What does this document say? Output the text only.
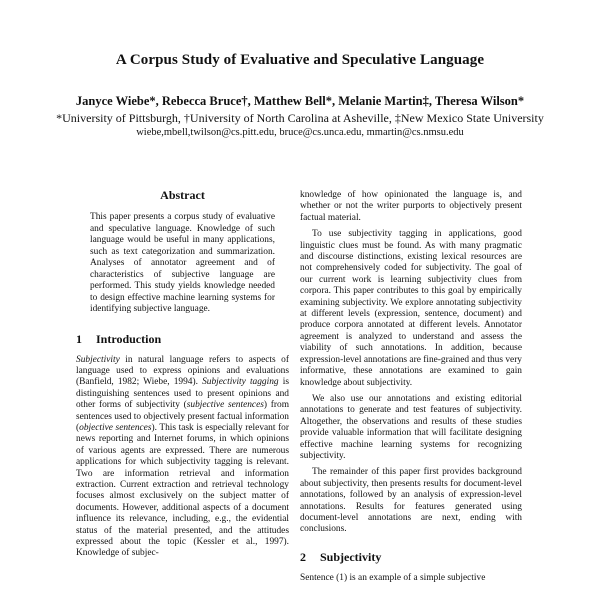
A Corpus Study of Evaluative and Speculative Language
Janyce Wiebe*, Rebecca Bruce†, Matthew Bell*, Melanie Martin‡, Theresa Wilson*
*University of Pittsburgh, †University of North Carolina at Asheville, ‡New Mexico State University
wiebe,mbell,twilson@cs.pitt.edu, bruce@cs.unca.edu, mmartin@cs.nmsu.edu
Abstract

This paper presents a corpus study of evaluative and speculative language. Knowledge of such language would be useful in many applications, such as text categorization and summarization. Analyses of annotator agreement and of characteristics of subjective language are performed. This study yields knowledge needed to design effective machine learning systems for identifying subjective language.

1 Introduction

Subjectivity in natural language refers to aspects of language used to express opinions and evaluations (Banfield, 1982; Wiebe, 1994). Subjectivity tagging is distinguishing sentences used to present opinions and other forms of subjectivity (subjective sentences) from sentences used to objectively present factual information (objective sentences). This task is especially relevant for news reporting and Internet forums, in which opinions of various agents are expressed. There are numerous applications for which subjectivity tagging is relevant. Two are information retrieval and information extraction. Current extraction and retrieval technology focuses almost exclusively on the subject matter of documents. However, additional aspects of a document influence its relevance, including, e.g., the evidential status of the material presented, and the attitudes expressed about the topic (Kessler et al., 1997). Knowledge of subjec-

knowledge of how opinionated the language is, and whether or not the writer purports to objectively present factual material.

To use subjectivity tagging in applications, good linguistic clues must be found. As with many pragmatic and discourse distinctions, existing lexical resources are not comprehensively coded for subjectivity. The goal of our current work is learning subjectivity clues from corpora. This paper contributes to this goal by empirically examining subjectivity. We explore annotating subjectivity at different levels (expression, sentence, document) and produce corpora annotated at different levels. Annotator agreement is analyzed to understand and assess the viability of such annotations. In addition, because expression-level annotations are fine-grained and thus very informative, these annotations are examined to gain knowledge about subjectivity.

We also use our annotations and existing editorial annotations to generate and test features of subjectivity. Altogether, the observations and results of these studies provide valuable information that will facilitate designing effective machine learning systems for recognizing subjectivity.

The remainder of this paper first provides background about subjectivity, then presents results for document-level annotations, followed by an analysis of expression-level annotations. Results for features generated using document-level annotations are next, ending with conclusions.

2 Subjectivity

Sentence (1) is an example of a simple subjective
